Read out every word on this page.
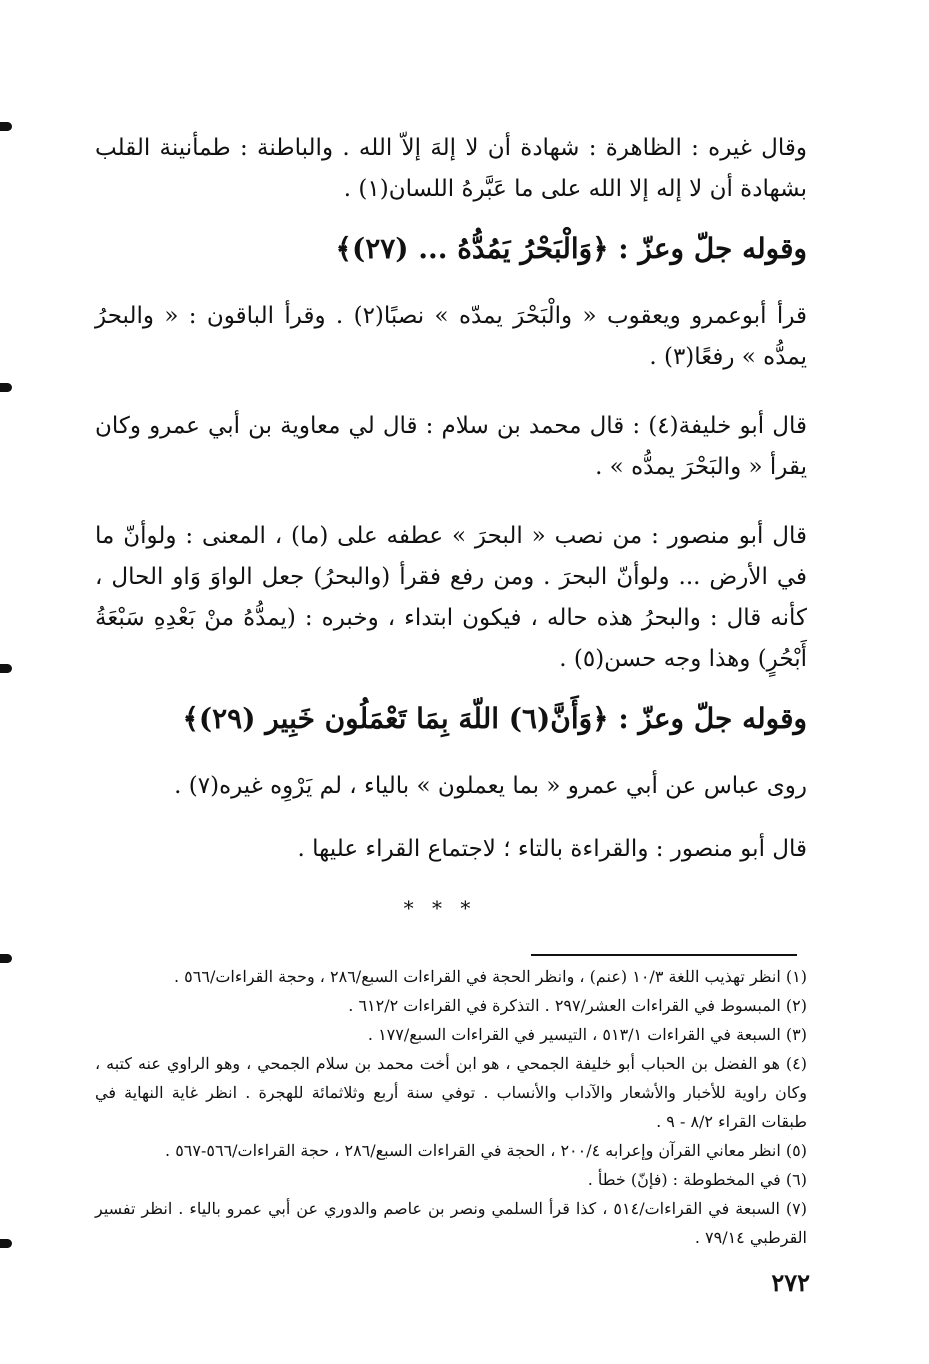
وقال غيره : الظاهرة : شهادة أن لا إلهَ إلاّ الله . والباطنة : طمأنينة القلب بشهادة أن لا إله إلا الله على ما عَبَّرهُ اللسان(١) .

وقوله جلّ وعزّ : ﴿وَالْبَحْرُ يَمُدُّهُ ... (٢٧)﴾

قرأ أبوعمرو ويعقوب « والْبَحْرَ يمدّه » نصبًا(٢) . وقرأ الباقون : « والبحرُ يمدُّه » رفعًا(٣) .

قال أبو خليفة(٤) : قال محمد بن سلام : قال لي معاوية بن أبي عمرو وكان يقرأ « والبَحْرَ يمدُّه » .

قال أبو منصور : من نصب « البحرَ » عطفه على (ما) ، المعنى : ولوأنّ ما في الأرض ... ولوأنّ البحرَ . ومن رفع فقرأ (والبحرُ) جعل الواوَ وَاو الحال ، كأنه قال : والبحرُ هذه حاله ، فيكون ابتداء ، وخبره : (يمدُّهُ منْ بَعْدِهِ سَبْعَةُ أَبْحُرٍ) وهذا وجه حسن(٥) .

وقوله جلّ وعزّ : ﴿وَأَنَّ(٦) اللّهَ بِمَا تَعْمَلُون خَبِير (٢٩)﴾

روى عباس عن أبي عمرو « بما يعملون » بالياء ، لم يَرْوِه غيره(٧) .

قال أبو منصور : والقراءة بالتاء ؛ لاجتماع القراء عليها .

* * *

(١) انظر تهذيب اللغة ١٠/٣ (عنم) ، وانظر الحجة في القراءات السبع/٢٨٦ ، وحجة القراءات/٥٦٦ .

(٢) المبسوط في القراءات العشر/٢٩٧ . التذكرة في القراءات ٦١٢/٢ .

(٣) السبعة في القراءات ٥١٣/١ ، التيسير في القراءات السبع/١٧٧ .

(٤) هو الفضل بن الحباب أبو خليفة الجمحي ، هو ابن أخت محمد بن سلام الجمحي ، وهو الراوي عنه كتبه ، وكان راوية للأخبار والأشعار والآداب والأنساب . توفي سنة أربع وثلاثمائة للهجرة . انظر غاية النهاية في طبقات القراء ٨/٢ - ٩ .

(٥) انظر معاني القرآن وإعرابه ٢٠٠/٤ ، الحجة في القراءات السبع/٢٨٦ ، حجة القراءات/٥٦٦-٥٦٧ .

(٦) في المخطوطة : (فإنّ) خطأ .

(٧) السبعة في القراءات/٥١٤ ، كذا قرأ السلمي ونصر بن عاصم والدوري عن أبي عمرو بالياء . انظر تفسير القرطبي ٧٩/١٤ .

٢٧٢
